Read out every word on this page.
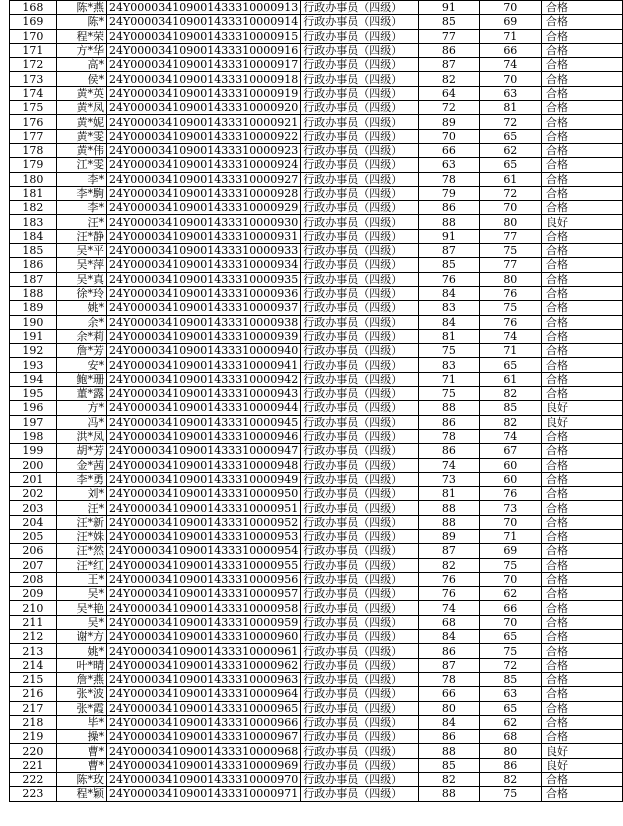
168	陈*燕	24Y000034109001433310000913	行政办事员（四级）	91	70	合格
169	陈*	24Y000034109001433310000914	行政办事员（四级）	85	69	合格
170	程*荣	24Y000034109001433310000915	行政办事员（四级）	77	71	合格
171	方*华	24Y000034109001433310000916	行政办事员（四级）	86	66	合格
172	高*	24Y000034109001433310000917	行政办事员（四级）	87	74	合格
173	侯*	24Y000034109001433310000918	行政办事员（四级）	82	70	合格
174	黄*英	24Y000034109001433310000919	行政办事员（四级）	64	63	合格
175	黄*凤	24Y000034109001433310000920	行政办事员（四级）	72	81	合格
176	黄*妮	24Y000034109001433310000921	行政办事员（四级）	89	72	合格
177	黄*雯	24Y000034109001433310000922	行政办事员（四级）	70	65	合格
178	黄*伟	24Y000034109001433310000923	行政办事员（四级）	66	62	合格
179	江*雯	24Y000034109001433310000924	行政办事员（四级）	63	65	合格
180	李*	24Y000034109001433310000927	行政办事员（四级）	78	61	合格
181	李*駒	24Y000034109001433310000928	行政办事员（四级）	79	72	合格
182	李*	24Y000034109001433310000929	行政办事员（四级）	86	70	合格
183	汪*	24Y000034109001433310000930	行政办事员（四级）	88	80	良好
184	汪*静	24Y000034109001433310000931	行政办事员（四级）	91	77	合格
185	吴*平	24Y000034109001433310000933	行政办事员（四级）	87	75	合格
186	吴*萍	24Y000034109001433310000934	行政办事员（四级）	85	77	合格
187	吴*真	24Y000034109001433310000935	行政办事员（四级）	76	80	合格
188	徐*玲	24Y000034109001433310000936	行政办事员（四级）	84	76	合格
189	姚*	24Y000034109001433310000937	行政办事员（四级）	83	75	合格
190	余*	24Y000034109001433310000938	行政办事员（四级）	84	76	合格
191	余*莉	24Y000034109001433310000939	行政办事员（四级）	81	74	合格
192	詹*芳	24Y000034109001433310000940	行政办事员（四级）	75	71	合格
193	安*	24Y000034109001433310000941	行政办事员（四级）	83	65	合格
194	鲍*珊	24Y000034109001433310000942	行政办事员（四级）	71	61	合格
195	董*露	24Y000034109001433310000943	行政办事员（四级）	75	82	合格
196	方*	24Y000034109001433310000944	行政办事员（四级）	88	85	良好
197	冯*	24Y000034109001433310000945	行政办事员（四级）	86	82	良好
198	洪*凤	24Y000034109001433310000946	行政办事员（四级）	78	74	合格
199	胡*芳	24Y000034109001433310000947	行政办事员（四级）	86	67	合格
200	金*茜	24Y000034109001433310000948	行政办事员（四级）	74	60	合格
201	李*勇	24Y000034109001433310000949	行政办事员（四级）	73	60	合格
202	刘*	24Y000034109001433310000950	行政办事员（四级）	81	76	合格
203	汪*	24Y000034109001433310000951	行政办事员（四级）	88	73	合格
204	汪*新	24Y000034109001433310000952	行政办事员（四级）	88	70	合格
205	汪*姝	24Y000034109001433310000953	行政办事员（四级）	89	71	合格
206	汪*然	24Y000034109001433310000954	行政办事员（四级）	87	69	合格
207	汪*红	24Y000034109001433310000955	行政办事员（四级）	82	75	合格
208	王*	24Y000034109001433310000956	行政办事员（四级）	76	70	合格
209	吴*	24Y000034109001433310000957	行政办事员（四级）	76	62	合格
210	吴*艳	24Y000034109001433310000958	行政办事员（四级）	74	66	合格
211	吴*	24Y000034109001433310000959	行政办事员（四级）	68	70	合格
212	谢*方	24Y000034109001433310000960	行政办事员（四级）	84	65	合格
213	姚*	24Y000034109001433310000961	行政办事员（四级）	86	75	合格
214	叶*晴	24Y000034109001433310000962	行政办事员（四级）	87	72	合格
215	詹*燕	24Y000034109001433310000963	行政办事员（四级）	78	85	合格
216	张*波	24Y000034109001433310000964	行政办事员（四级）	66	63	合格
217	张*霞	24Y000034109001433310000965	行政办事员（四级）	80	65	合格
218	毕*	24Y000034109001433310000966	行政办事员（四级）	84	62	合格
219	操*	24Y000034109001433310000967	行政办事员（四级）	86	68	合格
220	曹*	24Y000034109001433310000968	行政办事员（四级）	88	80	良好
221	曹*	24Y000034109001433310000969	行政办事员（四级）	85	86	良好
222	陈*玫	24Y000034109001433310000970	行政办事员（四级）	82	82	合格
223	程*颖	24Y000034109001433310000971	行政办事员（四级）	88	75	合格
